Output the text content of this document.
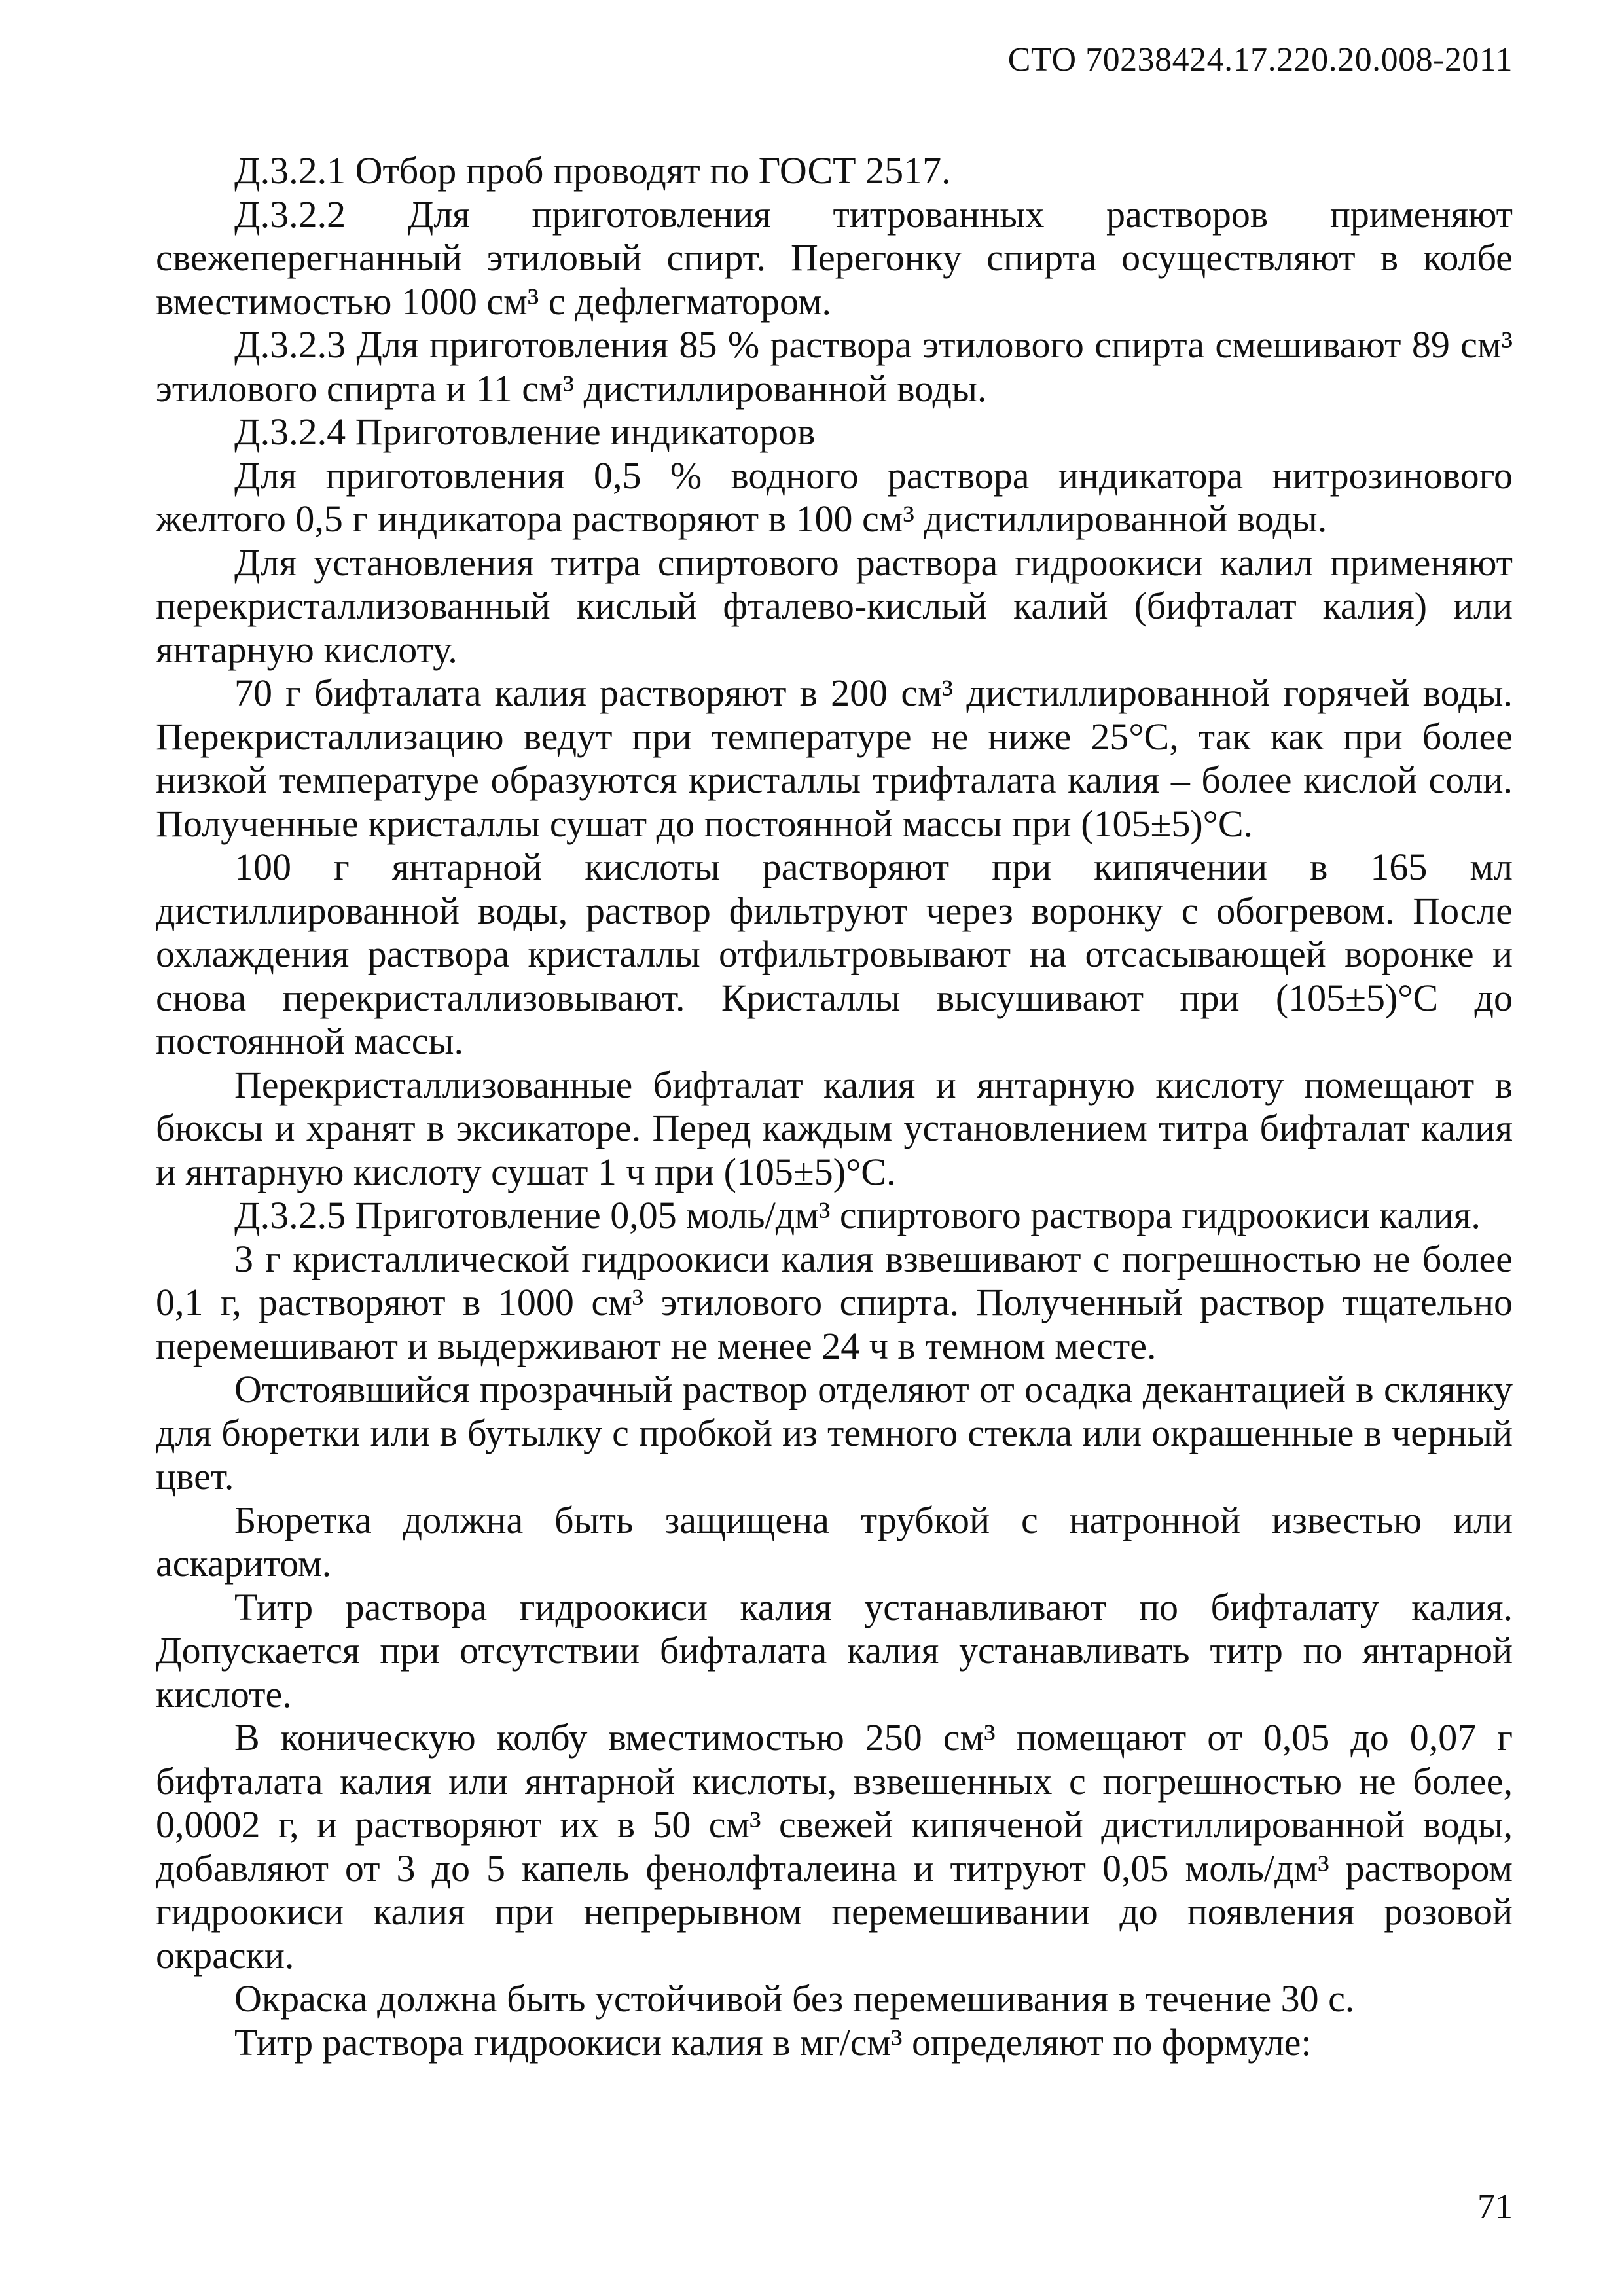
СТО 70238424.17.220.20.008-2011

Д.3.2.1 Отбор проб проводят по ГОСТ 2517.

Д.3.2.2 Для приготовления титрованных растворов применяют свежеперегнанный этиловый спирт. Перегонку спирта осуществляют в колбе вместимостью 1000 см³ с дефлегматором.

Д.3.2.3 Для приготовления 85 % раствора этилового спирта смешивают 89 см³ этилового спирта и 11 см³ дистиллированной воды.

Д.3.2.4 Приготовление индикаторов

Для приготовления 0,5 % водного раствора индикатора нитрозинового желтого 0,5 г индикатора растворяют в 100 см³ дистиллированной воды.

Для установления титра спиртового раствора гидроокиси калил применяют перекристаллизованный кислый фталево-кислый калий (бифталат калия) или янтарную кислоту.

70 г бифталата калия растворяют в 200 см³ дистиллированной горячей воды. Перекристаллизацию ведут при температуре не ниже 25°С, так как при более низкой температуре образуются кристаллы трифталата калия – более кислой соли. Полученные кристаллы сушат до постоянной массы при (105±5)°С.

100 г янтарной кислоты растворяют при кипячении в 165 мл дистиллированной воды, раствор фильтруют через воронку с обогревом. После охлаждения раствора кристаллы отфильтровывают на отсасывающей воронке и снова перекристаллизовывают. Кристаллы высушивают при (105±5)°С до постоянной массы.

Перекристаллизованные бифталат калия и янтарную кислоту помещают в бюксы и хранят в эксикаторе. Перед каждым установлением титра бифталат калия и янтарную кислоту сушат 1 ч при (105±5)°С.

Д.3.2.5 Приготовление 0,05 моль/дм³ спиртового раствора гидроокиси калия.

3 г кристаллической гидроокиси калия взвешивают с погрешностью не более 0,1 г, растворяют в 1000 см³ этилового спирта. Полученный раствор тщательно перемешивают и выдерживают не менее 24 ч в темном месте.

Отстоявшийся прозрачный раствор отделяют от осадка декантацией в склянку для бюретки или в бутылку с пробкой из темного стекла или окрашенные в черный цвет.

Бюретка должна быть защищена трубкой с натронной известью или аскаритом.

Титр раствора гидроокиси калия устанавливают по бифталату калия. Допускается при отсутствии бифталата калия устанавливать титр по янтарной кислоте.

В коническую колбу вместимостью 250 см³ помещают от 0,05 до 0,07 г бифталата калия или янтарной кислоты, взвешенных с погрешностью не более, 0,0002 г, и растворяют их в 50 см³ свежей кипяченой дистиллированной воды, добавляют от 3 до 5 капель фенолфталеина и титруют 0,05 моль/дм³ раствором гидроокиси калия при непрерывном перемешивании до появления розовой окраски.

Окраска должна быть устойчивой без перемешивания в течение 30 с.

Титр раствора гидроокиси калия в мг/см³ определяют по формуле:

71
